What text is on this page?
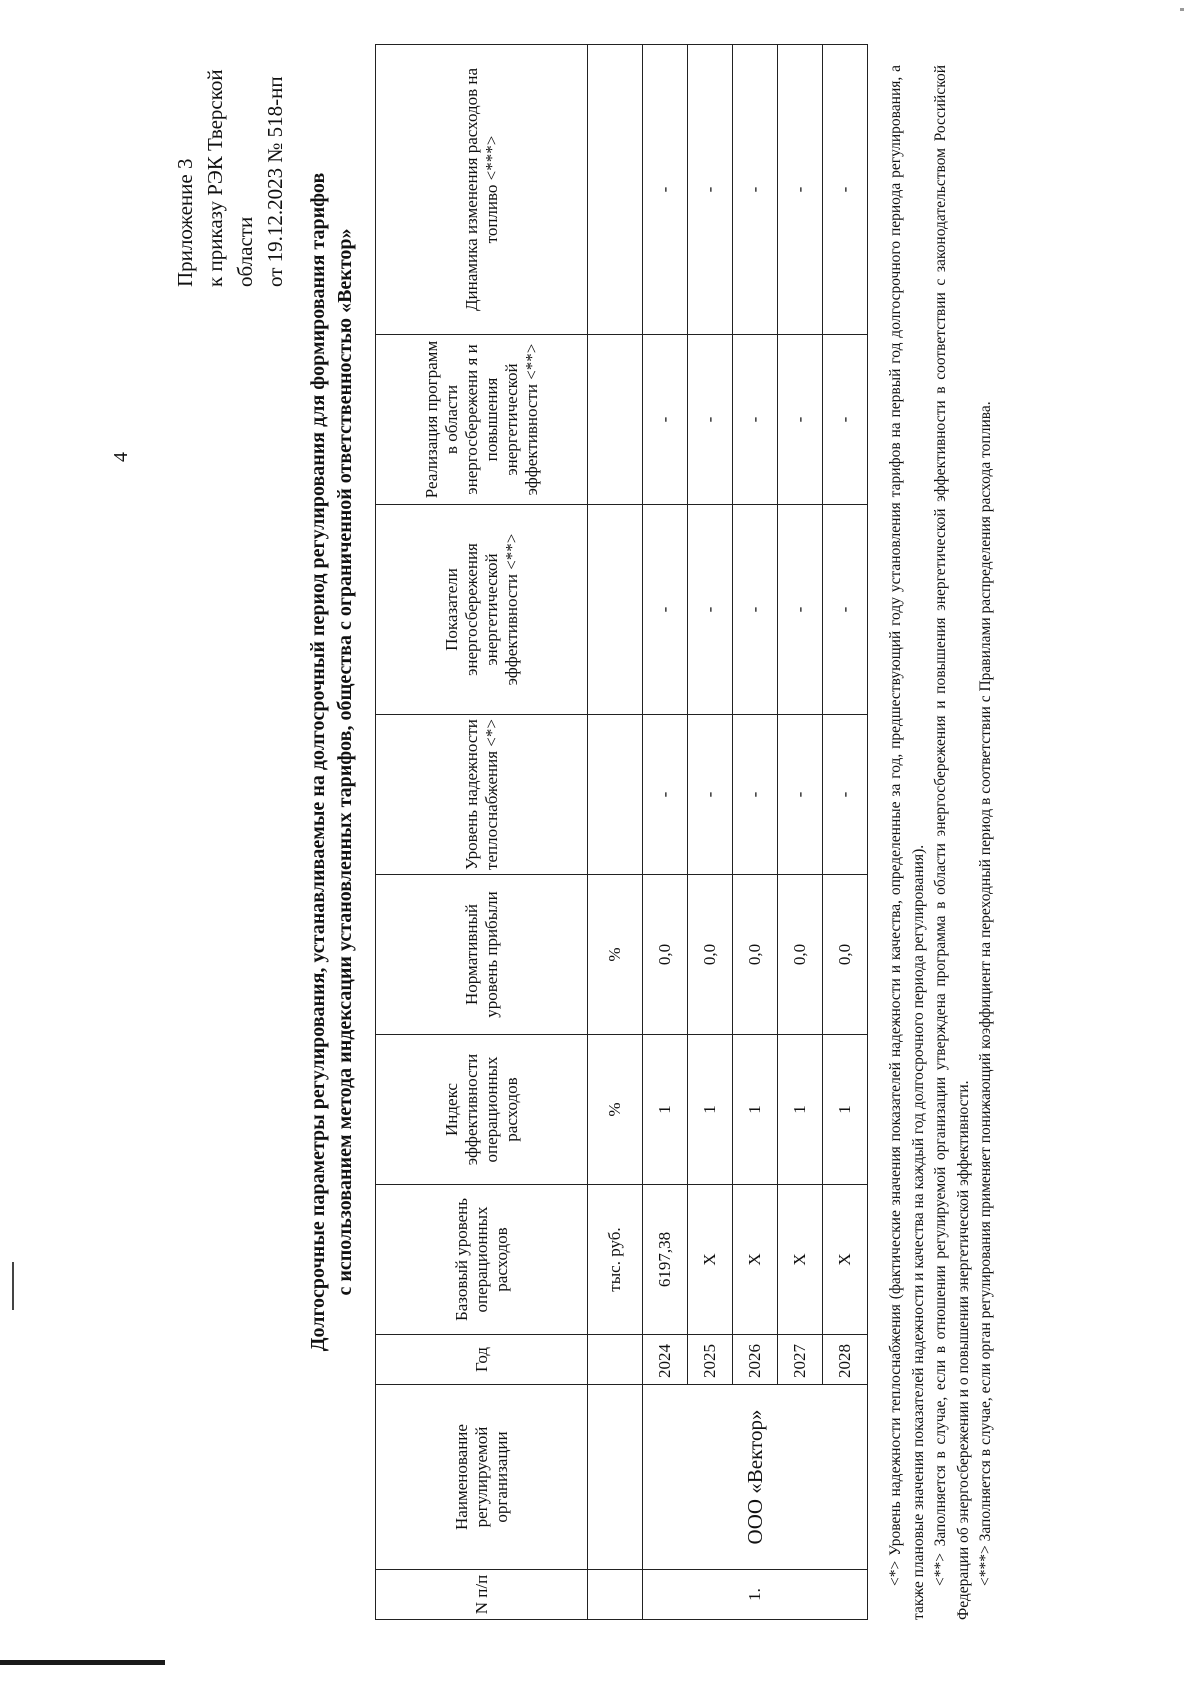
4
Приложение 3 к приказу РЭК Тверской области от 19.12.2023 № 518-нп Долгосрочные параметры регулирования, устанавливаемые на долгосрочный период регулирования для формирования тарифов с использованием метода индексации установленных тарифов, общества с ограниченной ответственностью «Вектор»
N п/п	Наименование регулируемой организации	Год	Базовый уровень операционных расходов	Индекс эффективности операционных расходов	Нормативный уровень прибыли	Уровень надежности теплоснабжения <*>	Показатели энергосбережения энергетической эффективности <**>	Реализация программ в области энергосбережени я и повышения энергетической эффективности <**>	Динамика изменения расходов на топливо <***>
			тыс. руб.	%	%				
1.	ООО «Вектор»	2024	6197,38	1	0,0	-	-	-	-
		2025	X	1	0,0	-	-	-	-
		2026	X	1	0,0	-	-	-	-
		2027	X	1	0,0	-	-	-	-
		2028	X	1	0,0	-	-	-	- <*> Уровень надежности теплоснабжения (фактические значения показателей надежности и качества, определенные за год, предшествующий году установления тарифов на первый год долгосрочного периода регулирования, а также плановые значения показателей надежности и качества на каждый год долгосрочного периода регулирования). <**> Заполняется в случае, если в отношении регулируемой организации утверждена программа в области энергосбережения и повышения энергетической эффективности в соответствии с законодательством Российской Федерации об энергосбережении и о повышении энергетической эффективности. <***> Заполняется в случае, если орган регулирования применяет понижающий коэффициент на переходный период в соответствии с Правилами распределения расхода топлива.
